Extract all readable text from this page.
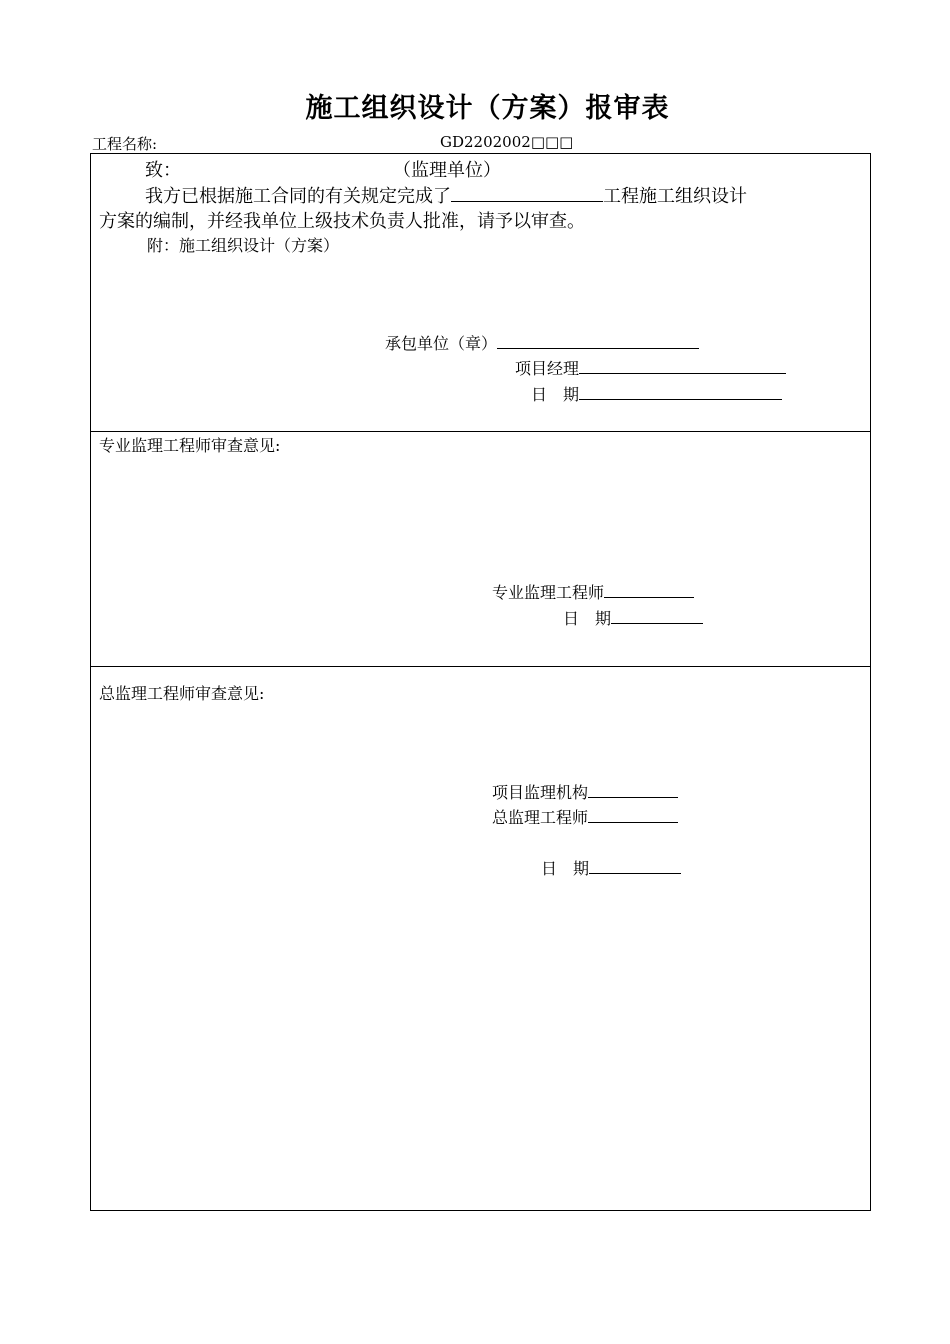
施工组织设计（方案）报审表
工程名称:	GD2202002□□□
致：	（监理单位）
我方已根据施工合同的有关规定完成了	工程施工组织设计
方案的编制，并经我单位上级技术负责人批准，请予以审查。
附：施工组织设计（方案）
承包单位（章）
项目经理
日　期
专业监理工程师审查意见:
专业监理工程师
日　期
总监理工程师审查意见:
项目监理机构
总监理工程师
日　期
